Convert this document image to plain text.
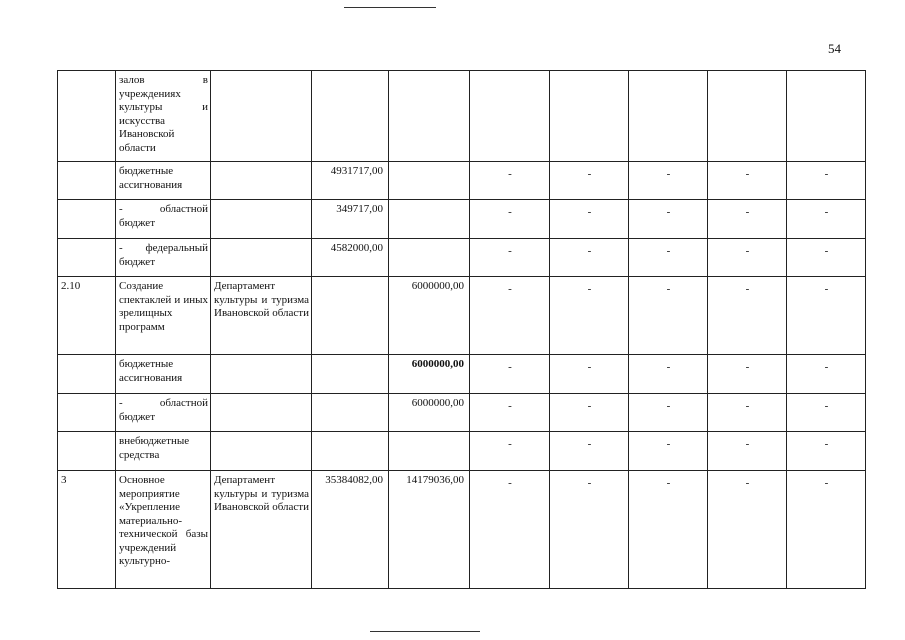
54
	залов в учреждениях культуры и искусства Ивановской области								
	бюджетные ассигнования		4931717,00		-	-	-	-	-
	- областной бюджет		349717,00		-	-	-	-	-
	- федеральный бюджет		4582000,00		-	-	-	-	-
2.10	Создание спектаклей и иных зрелищных программ	Департамент культуры и туризма Ивановской области		6000000,00	-	-	-	-	-
	бюджетные ассигнования			6000000,00	-	-	-	-	-
	- областной бюджет			6000000,00	-	-	-	-	-
	внебюджетные средства				-	-	-	-	-
3	Основное мероприятие «Укрепление материально-технической базы учреждений культурно-	Департамент культуры и туризма Ивановской области	35384082,00	14179036,00	-	-	-	-	-
